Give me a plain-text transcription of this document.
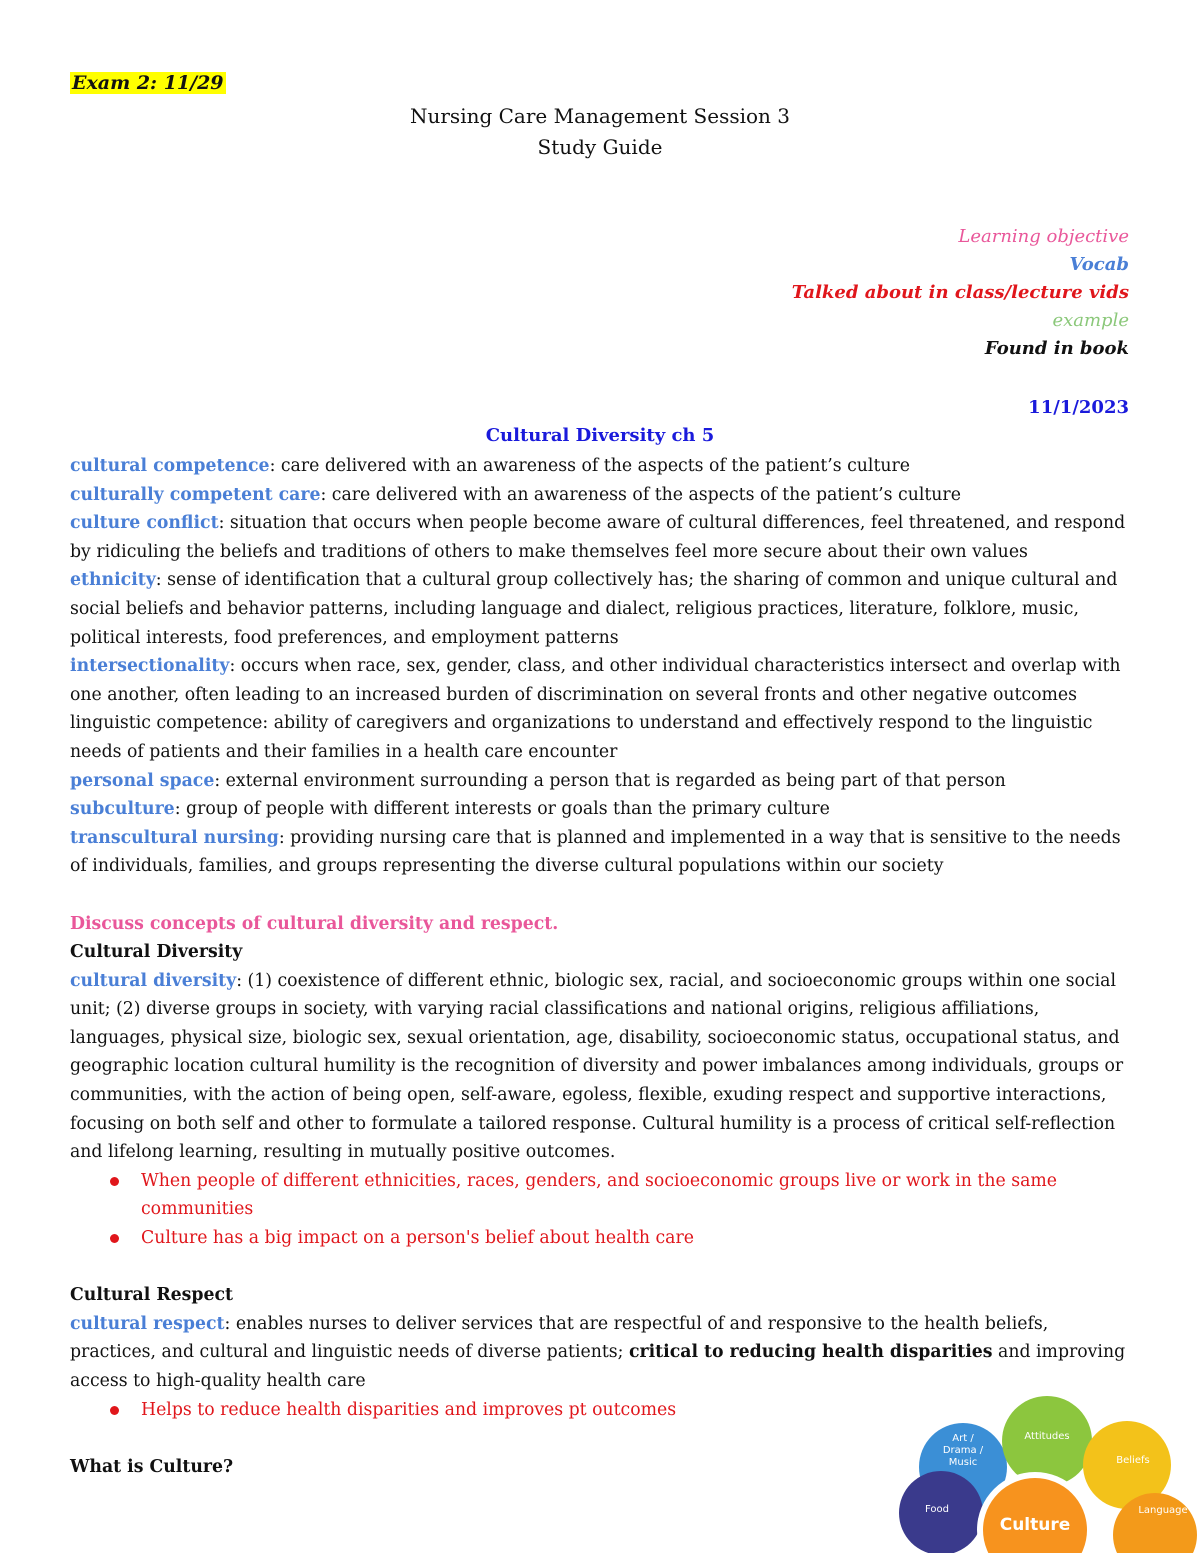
Exam 2: 11/29
Nursing Care Management Session 3
Study Guide
Learning objective
Vocab
Talked about in class/lecture vids
example
Found in book
11/1/2023
Cultural Diversity ch 5

cultural competence: care delivered with an awareness of the aspects of the patient’s culture

culturally competent care: care delivered with an awareness of the aspects of the patient’s culture

culture conflict: situation that occurs when people become aware of cultural differences, feel threatened, and respond by ridiculing the beliefs and traditions of others to make themselves feel more secure about their own values

ethnicity: sense of identification that a cultural group collectively has; the sharing of common and unique cultural and social beliefs and behavior patterns, including language and dialect, religious practices, literature, folklore, music, political interests, food preferences, and employment patterns

intersectionality: occurs when race, sex, gender, class, and other individual characteristics intersect and overlap with one another, often leading to an increased burden of discrimination on several fronts and other negative outcomes

linguistic competence: ability of caregivers and organizations to understand and effectively respond to the linguistic needs of patients and their families in a health care encounter

personal space: external environment surrounding a person that is regarded as being part of that person

subculture: group of people with different interests or goals than the primary culture

transcultural nursing: providing nursing care that is planned and implemented in a way that is sensitive to the needs of individuals, families, and groups representing the diverse cultural populations within our society

Discuss concepts of cultural diversity and respect.

Cultural Diversity

cultural diversity: (1) coexistence of different ethnic, biologic sex, racial, and socioeconomic groups within one social unit; (2) diverse groups in society, with varying racial classifications and national origins, religious affiliations, languages, physical size, biologic sex, sexual orientation, age, disability, socioeconomic status, occupational status, and geographic location cultural humility is the recognition of diversity and power imbalances among individuals, groups or communities, with the action of being open, self-aware, egoless, flexible, exuding respect and supportive interactions, focusing on both self and other to formulate a tailored response. Cultural humility is a process of critical self-reflection and lifelong learning, resulting in mutually positive outcomes.

When people of different ethnicities, races, genders, and socioeconomic groups live or work in the same communities
Culture has a big impact on a person's belief about health care

Cultural Respect

cultural respect: enables nurses to deliver services that are respectful of and responsive to the health beliefs, practices, and cultural and linguistic needs of diverse patients; critical to reducing health disparities and improving access to high-quality health care

Helps to reduce health disparities and improves pt outcomes

What is Culture?

Art / Drama / Music
Attitudes
Beliefs
Language
Food
Culture
